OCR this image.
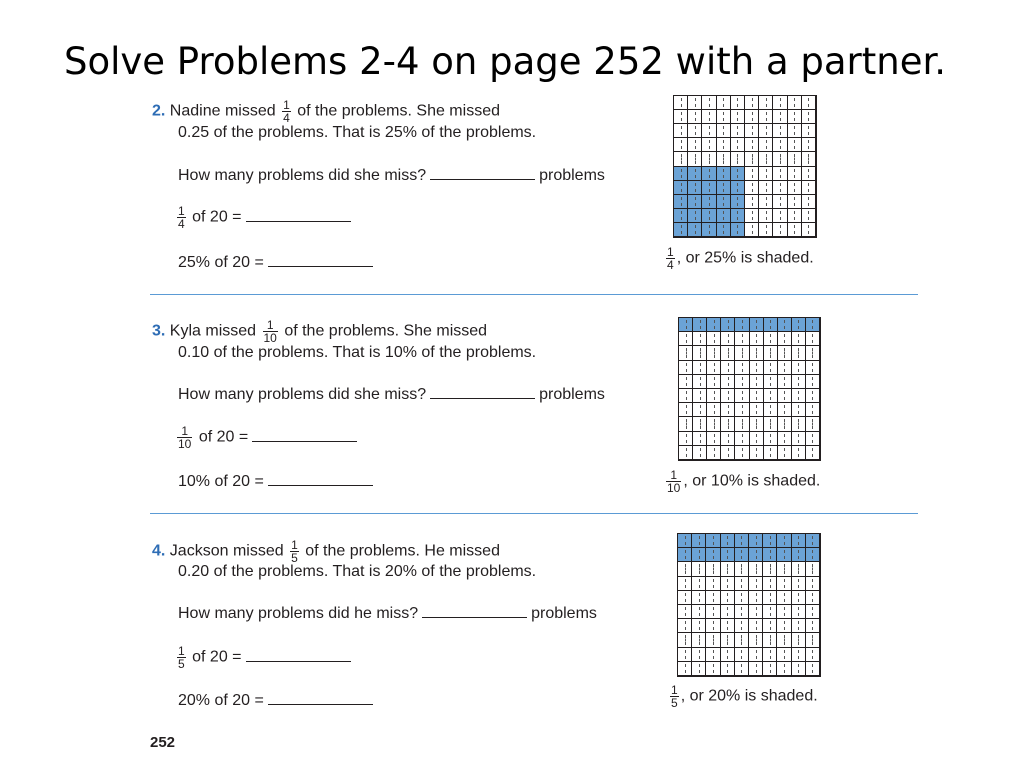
Solve Problems 2-4 on page 252 with a partner.
2. Nadine missed $\frac{1}{4}$ of the problems. She missed
0.25 of the problems. That is 25% of the problems.
How many problems did she miss?	problems
$\frac{1}{4}$ of 20 =
25% of 20 =	$\frac{1}{4}$ , or 25% is shaded.
3. Kyla missed $\frac{1}{10}$ of the problems. She missed
0.10 of the problems. That is 10% of the problems.
How many problems did she miss?	problems
$\frac{1}{10}$ of 20 =
10% of 20 =	$\frac{1}{10}$ , or 10% is shaded.
4. Jackson missed $\frac{1}{5}$ of the problems. He missed
0.20 of the problems. That is 20% of the problems.
How many problems did he miss?	problems
$\frac{1}{5}$ of 20 =
20% of 20 =	$\frac{1}{5}$ , or 20% is shaded.
252
